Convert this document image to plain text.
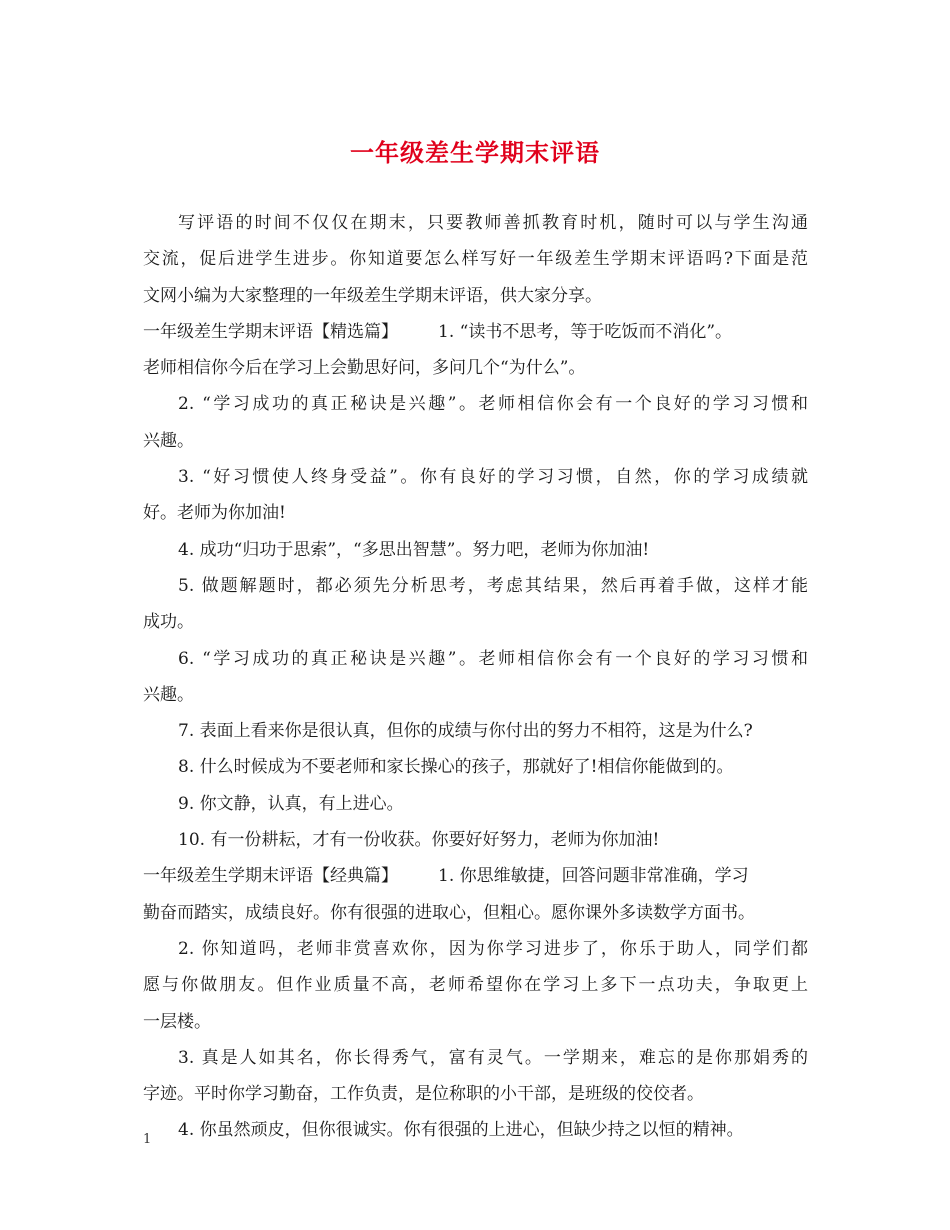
一年级差生学期末评语
写评语的时间不仅仅在期末，只要教师善抓教育时机，随时可以与学生沟通
交流，促后进学生进步。你知道要怎么样写好一年级差生学期末评语吗?下面是范
文网小编为大家整理的一年级差生学期末评语，供大家分享。
一年级差生学期末评语【精选篇】 1. “读书不思考，等于吃饭而不消化”。
老师相信你今后在学习上会勤思好问，多问几个“为什么”。
2. “学习成功的真正秘诀是兴趣”。老师相信你会有一个良好的学习习惯和
兴趣。
3. “好习惯使人终身受益”。你有良好的学习习惯，自然，你的学习成绩就
好。老师为你加油!
4. 成功“归功于思索”，“多思出智慧”。努力吧，老师为你加油!
5. 做题解题时，都必须先分析思考，考虑其结果，然后再着手做，这样才能
成功。
6. “学习成功的真正秘诀是兴趣”。老师相信你会有一个良好的学习习惯和
兴趣。
7. 表面上看来你是很认真，但你的成绩与你付出的努力不相符，这是为什么?
8. 什么时候成为不要老师和家长操心的孩子，那就好了!相信你能做到的。
9. 你文静，认真，有上进心。
10. 有一份耕耘，才有一份收获。你要好好努力，老师为你加油!
一年级差生学期末评语【经典篇】 1. 你思维敏捷，回答问题非常准确，学习
勤奋而踏实，成绩良好。你有很强的进取心，但粗心。愿你课外多读数学方面书。
2. 你知道吗，老师非赏喜欢你，因为你学习进步了，你乐于助人，同学们都
愿与你做朋友。但作业质量不高，老师希望你在学习上多下一点功夫，争取更上
一层楼。
3. 真是人如其名，你长得秀气，富有灵气。一学期来，难忘的是你那娟秀的
字迹。平时你学习勤奋，工作负责，是位称职的小干部，是班级的佼佼者。
4. 你虽然顽皮，但你很诚实。你有很强的上进心，但缺少持之以恒的精神。
1
